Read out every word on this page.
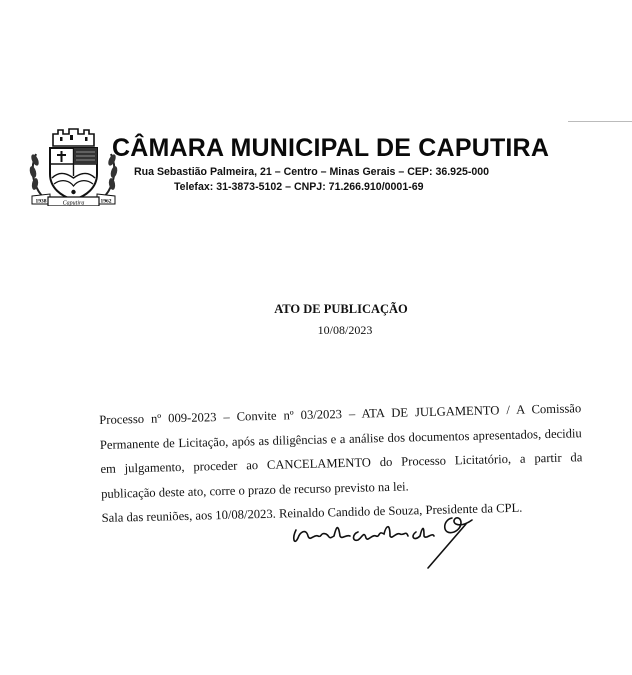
1938	Caputira	1962
CÂMARA MUNICIPAL DE CAPUTIRA
Rua Sebastião Palmeira, 21 – Centro – Minas Gerais – CEP: 36.925-000
Telefax: 31-3873-5102 – CNPJ: 71.266.910/0001-69
ATO DE PUBLICAÇÃO
10/08/2023

Processo nº 009-2023 – Convite nº 03/2023 – ATA DE JULGAMENTO / A Comissão Permanente de Licitação, após as diligências e a análise dos documentos apresentados, decidiu em julgamento, proceder ao CANCELAMENTO do Processo Licitatório, a partir da publicação deste ato, corre o prazo de recurso previsto na lei.

Sala das reuniões, aos 10/08/2023. Reinaldo Candido de Souza, Presidente da CPL.
